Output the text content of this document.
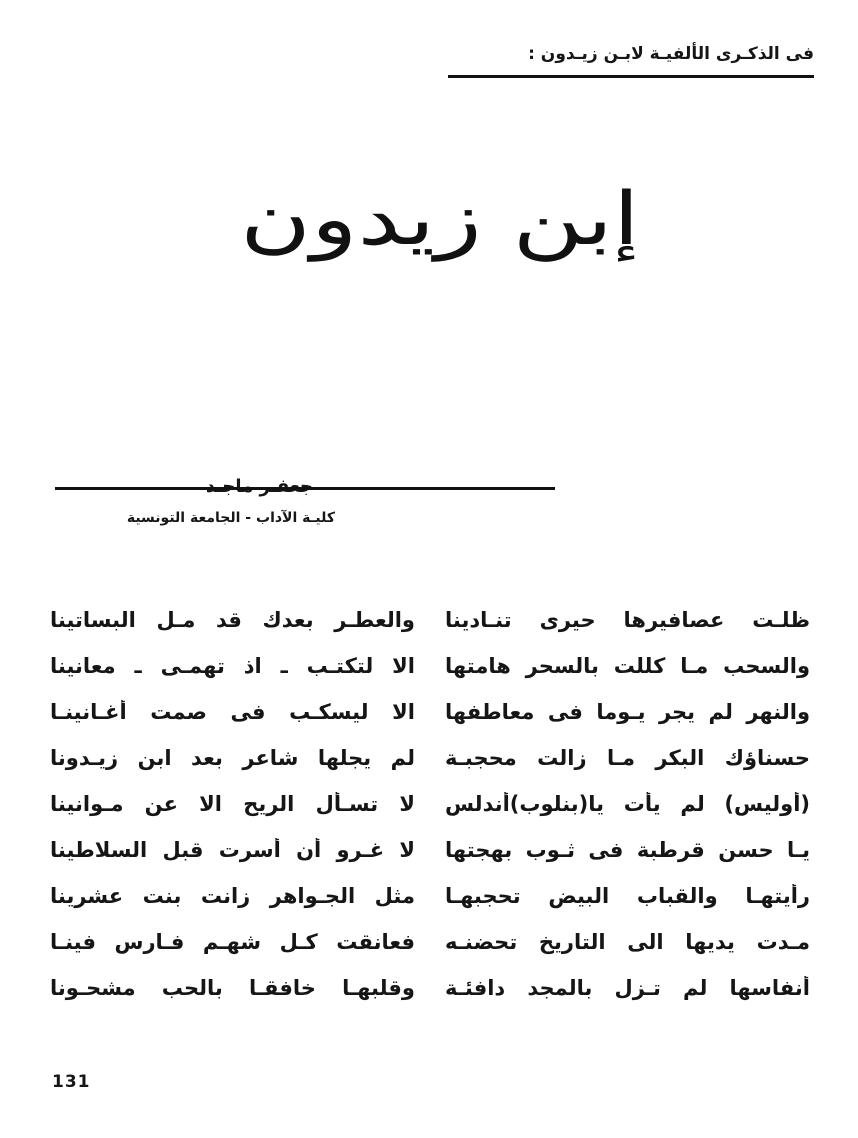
فى الذكـرى الألفيـة لابـن زيـدون :
إبن زيدون
كليـة الآداب - الجامعة التونسية
ظلـت عصافيرها حيرى تنـادينا
والعطـر بعدك قد مـل البساتينا
والسحب مـا كللت بالسحر هامتها
الا لتكتـب ـ اذ تهمـى ـ معانينا
والنهر لم يجر يـوما فى معاطفها
الا ليسكـب فى صمت أغـانينـا
حسناؤك البكر مـا زالت محجبـة
لم يجلها شاعر بعد ابن زيـدونا
(أوليس) لم يأت يا(بنلوب)أندلس
لا تسـأل الريح الا عن مـوانينا
يـا حسن قرطبة فى ثـوب بهجتها
لا غـرو أن أسرت قبل السلاطينا
رأيتهـا والقباب البيض تحجبهـا
مثل الجـواهر زانت بنت عشرينا
مـدت يديها الى التاريخ تحضنـه
فعانقت كـل شهـم فـارس فينـا
أنفاسها لم تـزل بالمجد دافئـة
وقلبهـا خافقـا بالحب مشحـونا
131
